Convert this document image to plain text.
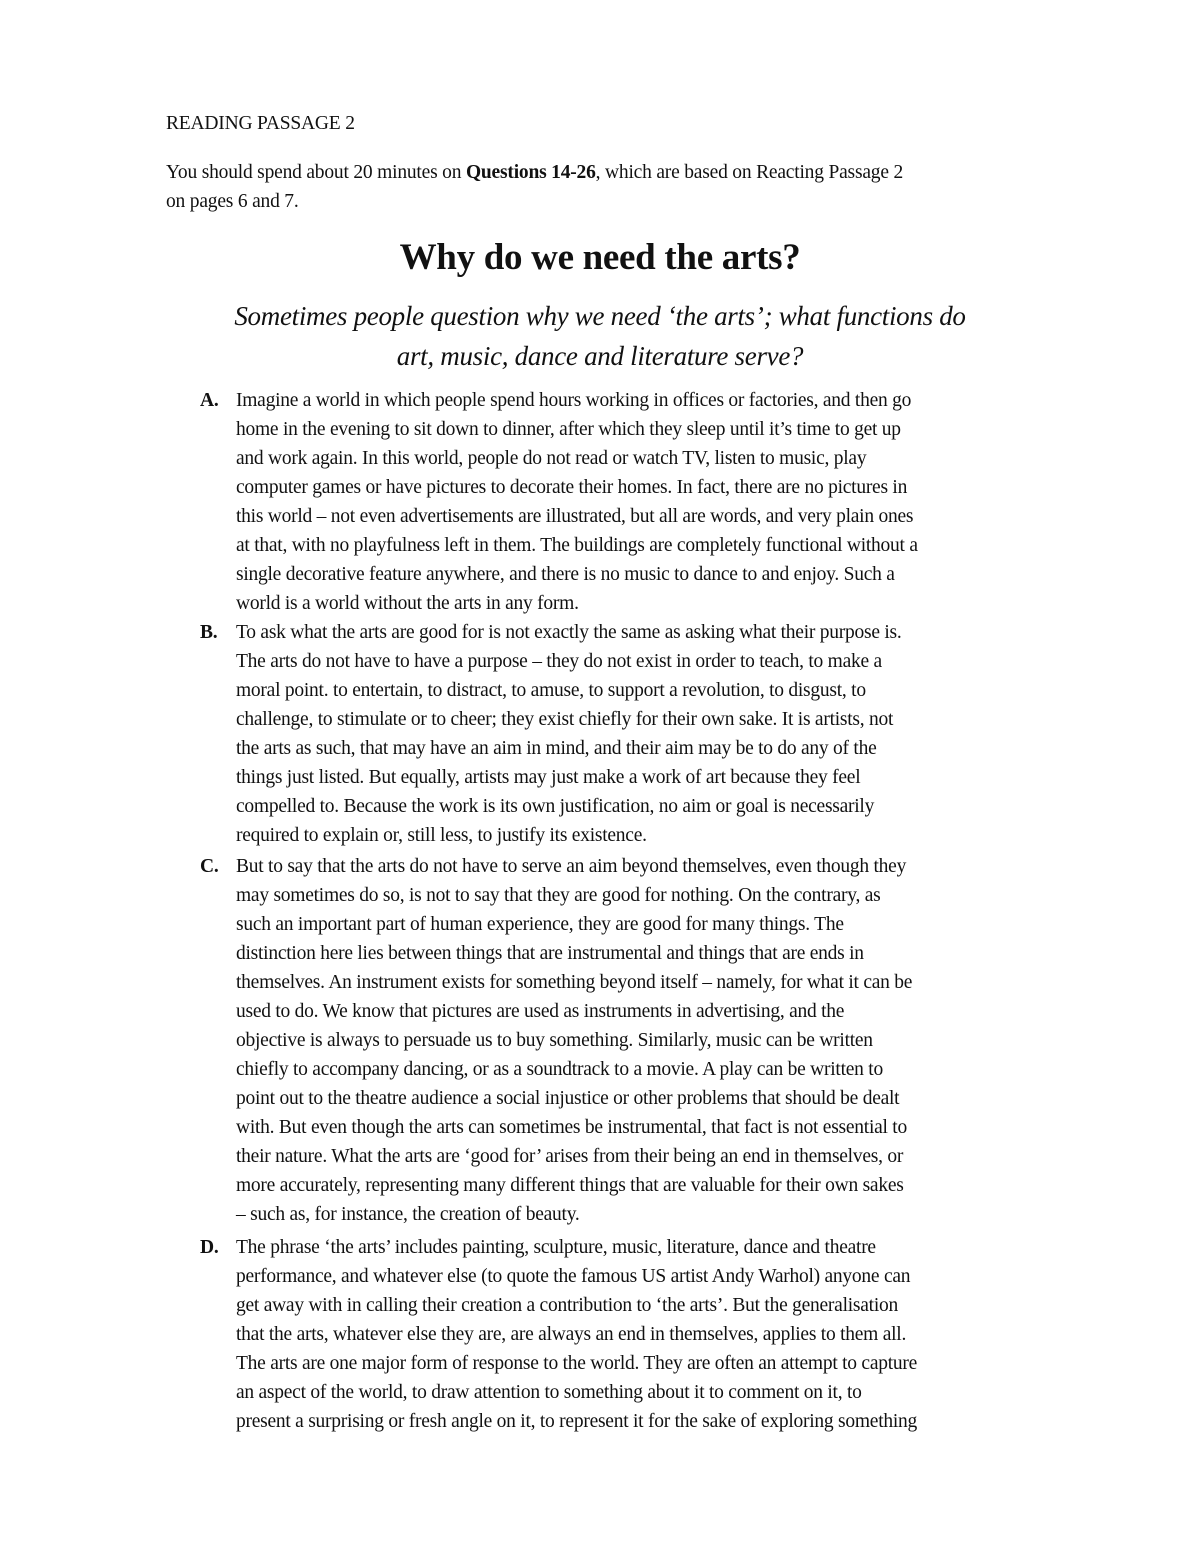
READING PASSAGE 2
You should spend about 20 minutes on Questions 14-26, which are based on Reacting Passage 2
on pages 6 and 7.
Why do we need the arts?
Sometimes people question why we need ‘the arts’; what functions do
art, music, dance and literature serve?
A. Imagine a world in which people spend hours working in offices or factories, and then go
home in the evening to sit down to dinner, after which they sleep until it’s time to get up
and work again. In this world, people do not read or watch TV, listen to music, play
computer games or have pictures to decorate their homes. In fact, there are no pictures in
this world – not even advertisements are illustrated, but all are words, and very plain ones
at that, with no playfulness left in them. The buildings are completely functional without a
single decorative feature anywhere, and there is no music to dance to and enjoy. Such a
world is a world without the arts in any form.
B. To ask what the arts are good for is not exactly the same as asking what their purpose is.
The arts do not have to have a purpose – they do not exist in order to teach, to make a
moral point. to entertain, to distract, to amuse, to support a revolution, to disgust, to
challenge, to stimulate or to cheer; they exist chiefly for their own sake. It is artists, not
the arts as such, that may have an aim in mind, and their aim may be to do any of the
things just listed. But equally, artists may just make a work of art because they feel
compelled to. Because the work is its own justification, no aim or goal is necessarily
required to explain or, still less, to justify its existence.
C. But to say that the arts do not have to serve an aim beyond themselves, even though they
may sometimes do so, is not to say that they are good for nothing. On the contrary, as
such an important part of human experience, they are good for many things. The
distinction here lies between things that are instrumental and things that are ends in
themselves. An instrument exists for something beyond itself – namely, for what it can be
used to do. We know that pictures are used as instruments in advertising, and the
objective is always to persuade us to buy something. Similarly, music can be written
chiefly to accompany dancing, or as a soundtrack to a movie. A play can be written to
point out to the theatre audience a social injustice or other problems that should be dealt
with. But even though the arts can sometimes be instrumental, that fact is not essential to
their nature. What the arts are ‘good for’ arises from their being an end in themselves, or
more accurately, representing many different things that are valuable for their own sakes
– such as, for instance, the creation of beauty.
D. The phrase ‘the arts’ includes painting, sculpture, music, literature, dance and theatre
performance, and whatever else (to quote the famous US artist Andy Warhol) anyone can
get away with in calling their creation a contribution to ‘the arts’. But the generalisation
that the arts, whatever else they are, are always an end in themselves, applies to them all.
The arts are one major form of response to the world. They are often an attempt to capture
an aspect of the world, to draw attention to something about it to comment on it, to
present a surprising or fresh angle on it, to represent it for the sake of exploring something
